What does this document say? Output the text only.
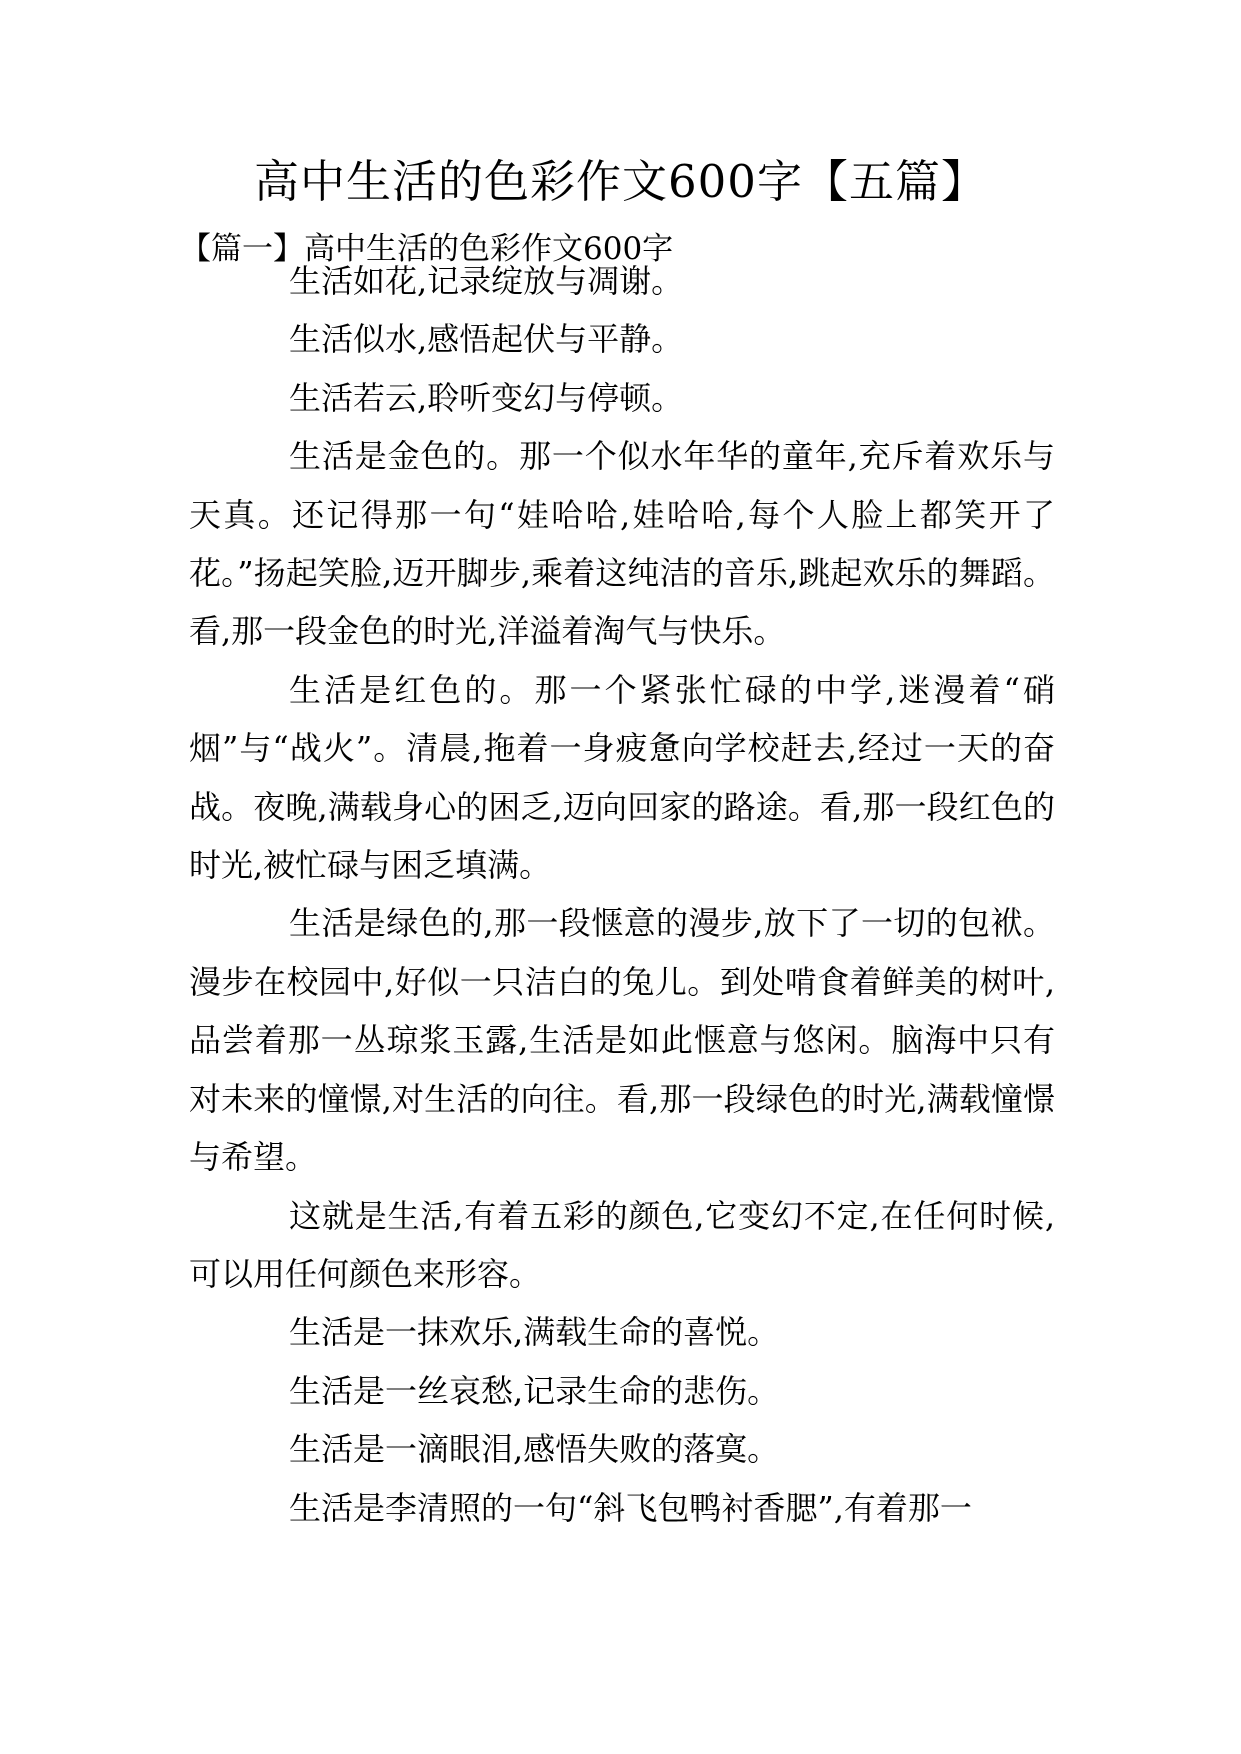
高中生活的色彩作文600字【五篇】
【篇一】高中生活的色彩作文600字

生活如花,记录绽放与凋谢。

生活似水,感悟起伏与平静。

生活若云,聆听变幻与停顿。

生活是金色的。那一个似水年华的童年,充斥着欢乐与天真。还记得那一句“娃哈哈,娃哈哈,每个人脸上都笑开了花。”扬起笑脸,迈开脚步,乘着这纯洁的音乐,跳起欢乐的舞蹈。看,那一段金色的时光,洋溢着淘气与快乐。

生活是红色的。那一个紧张忙碌的中学,迷漫着“硝烟”与“战火”。清晨,拖着一身疲惫向学校赶去,经过一天的奋战。夜晚,满载身心的困乏,迈向回家的路途。看,那一段红色的时光,被忙碌与困乏填满。

生活是绿色的,那一段惬意的漫步,放下了一切的包袱。漫步在校园中,好似一只洁白的兔儿。到处啃食着鲜美的树叶,品尝着那一丛琼浆玉露,生活是如此惬意与悠闲。脑海中只有对未来的憧憬,对生活的向往。看,那一段绿色的时光,满载憧憬与希望。

这就是生活,有着五彩的颜色,它变幻不定,在任何时候,可以用任何颜色来形容。

生活是一抹欢乐,满载生命的喜悦。

生活是一丝哀愁,记录生命的悲伤。

生活是一滴眼泪,感悟失败的落寞。

生活是李清照的一句“斜飞包鸭衬香腮”,有着那一
